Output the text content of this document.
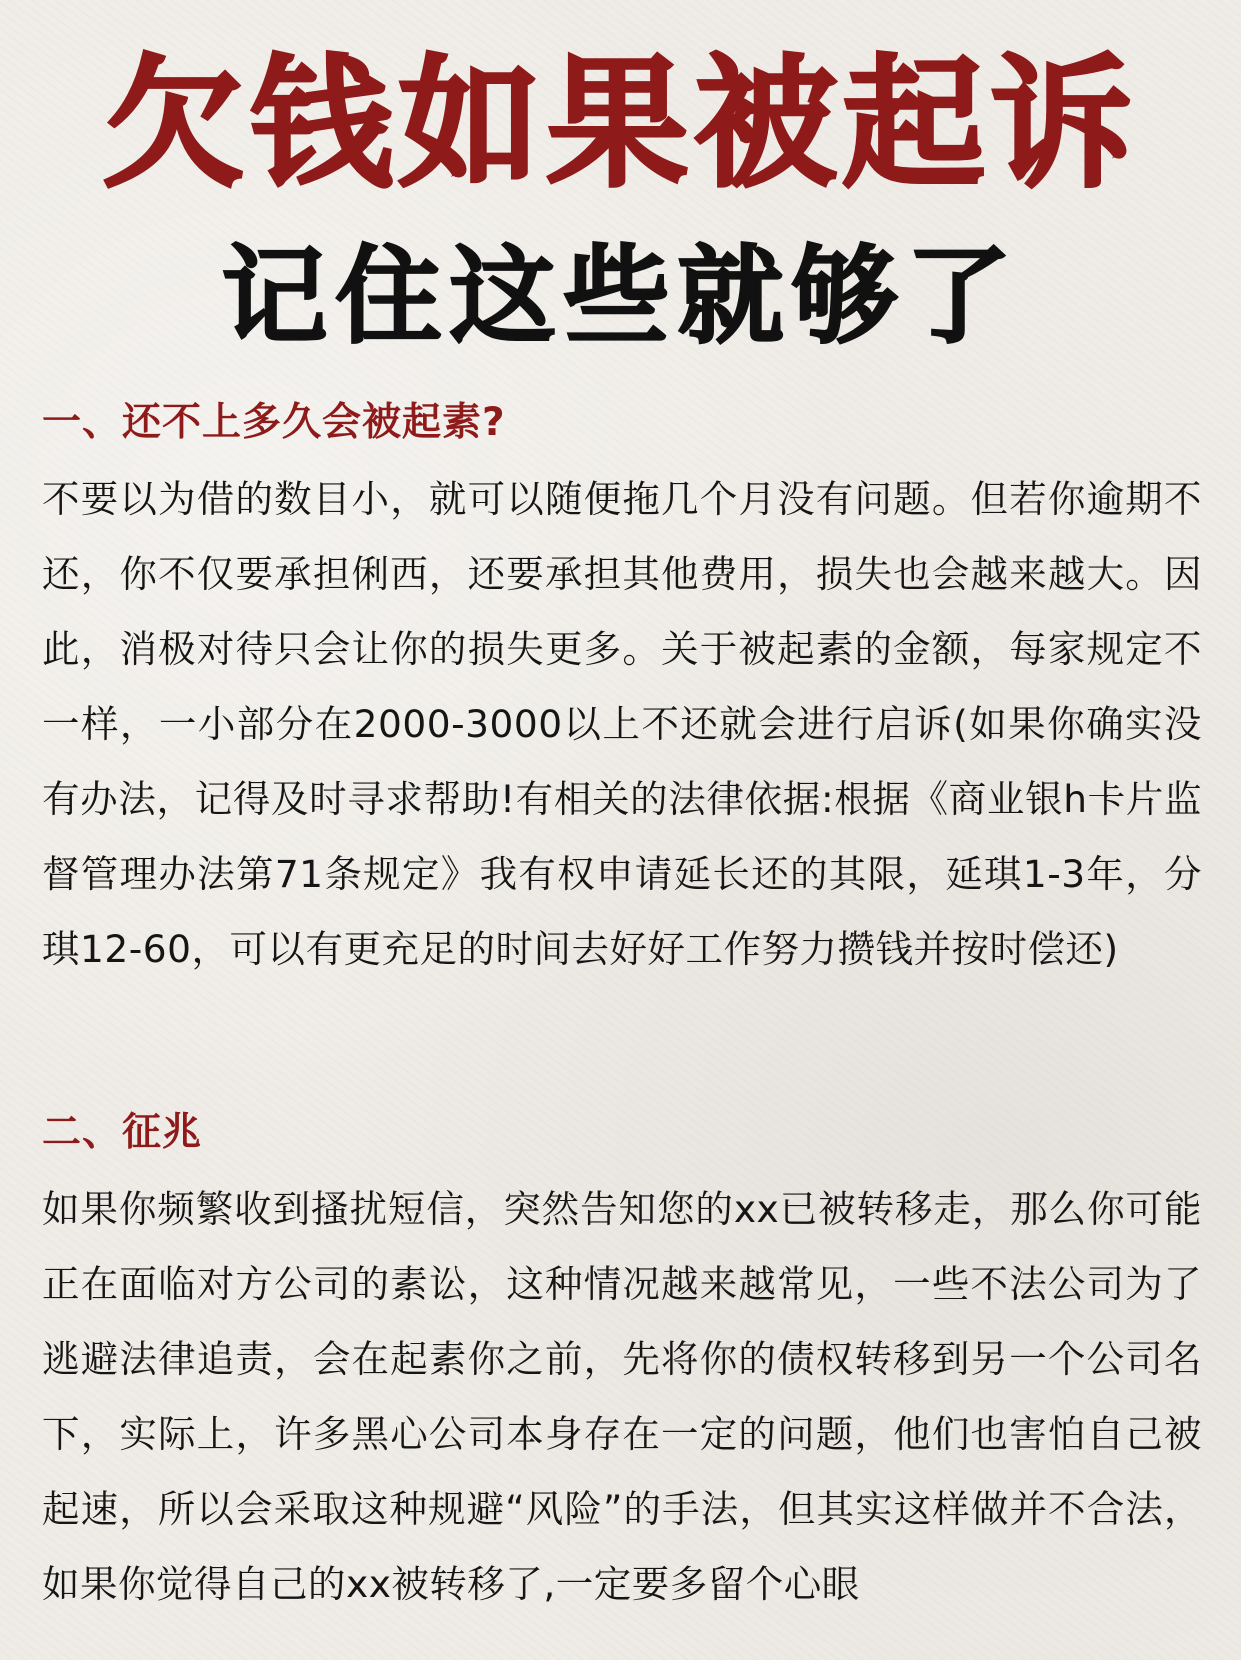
欠钱如果被起诉
记住这些就够了
一、还不上多久会被起素?

不要以为借的数目小，就可以随便拖几个月没有问题。但若你逾期不还，你不仅要承担俐西，还要承担其他费用，损失也会越来越大。因此，消极对待只会让你的损失更多。关于被起素的金额，每家规定不一样，一小部分在2000-3000以上不还就会进行启诉(如果你确实没有办法，记得及时寻求帮助!有相关的法律依据:根据《商业银h卡片监督管理办法第71条规定》我有权申请延长还的其限，延琪1-3年，分琪12-60，可以有更充足的时间去好好工作努力攒钱并按时偿还)

二、征兆

如果你频繁收到搔扰短信，突然告知您的xx已被转移走，那么你可能正在面临对方公司的素讼，这种情况越来越常见，一些不法公司为了逃避法律追责，会在起素你之前，先将你的债权转移到另一个公司名下，实际上，许多黑心公司本身存在一定的问题，他们也害怕自己被起速，所以会采取这种规避“风险”的手法，但其实这样做并不合法，如果你觉得自己的xx被转移了,一定要多留个心眼
